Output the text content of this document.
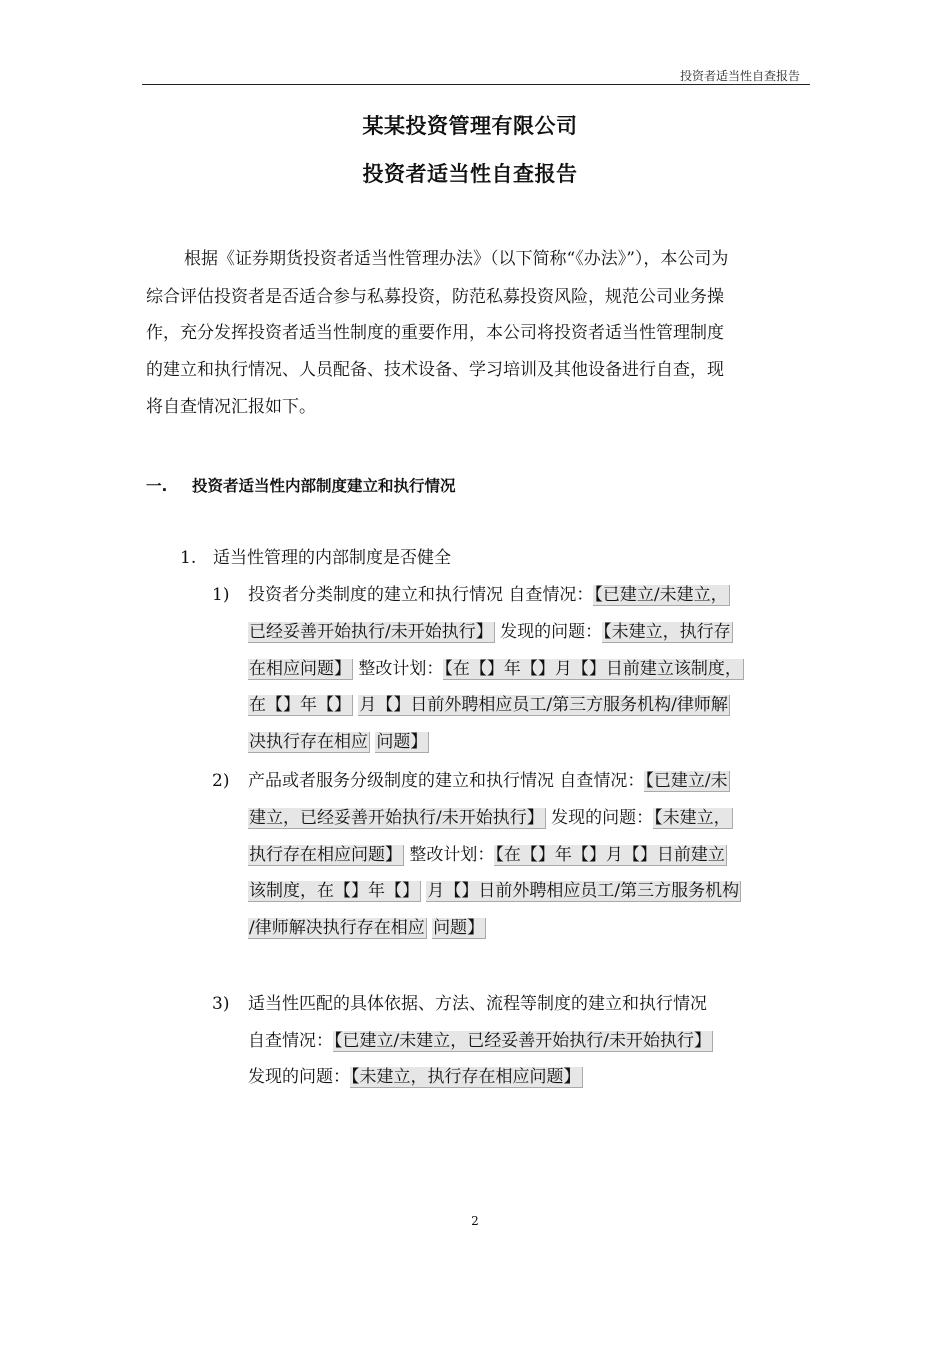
投资者适当性自查报告
某某投资管理有限公司
投资者适当性自查报告
根据《证券期货投资者适当性管理办法》（以下简称“《办法》”），本公司为
综合评估投资者是否适合参与私募投资，防范私募投资风险，规范公司业务操
作，充分发挥投资者适当性制度的重要作用，本公司将投资者适当性管理制度
的建立和执行情况、人员配备、技术设备、学习培训及其他设备进行自查，现
将自查情况汇报如下。
一. 投资者适当性内部制度建立和执行情况
1. 适当性管理的内部制度是否健全
1) 投资者分类制度的建立和执行情况 自查情况：【已建立/未建立，
已经妥善开始执行/未开始执行】 发现的问题：【未建立，执行存
在相应问题】 整改计划：【在【】年【】月【】日前建立该制度，
在【】年【】 月【】日前外聘相应员工/第三方服务机构/律师解
决执行存在相应 问题】
2) 产品或者服务分级制度的建立和执行情况 自查情况：【已建立/未
建立，已经妥善开始执行/未开始执行】 发现的问题：【未建立，
执行存在相应问题】 整改计划：【在【】年【】月【】日前建立
该制度，在【】年【】 月【】日前外聘相应员工/第三方服务机构
/律师解决执行存在相应 问题】
3) 适当性匹配的具体依据、方法、流程等制度的建立和执行情况
自查情况：【已建立/未建立，已经妥善开始执行/未开始执行】
发现的问题：【未建立，执行存在相应问题】
2
